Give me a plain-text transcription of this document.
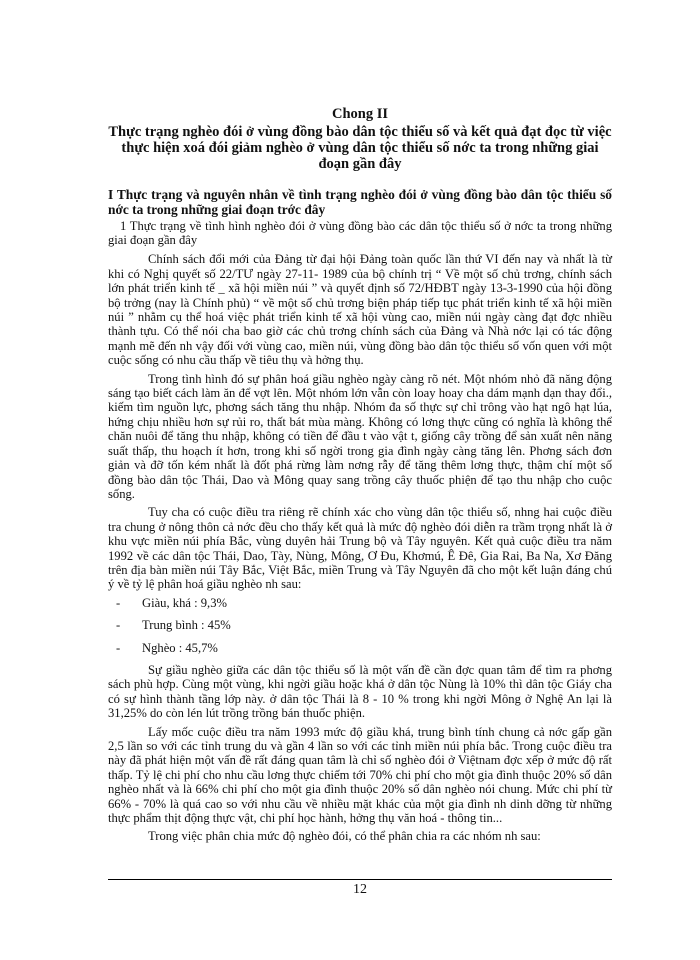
Chong II
Thực trạng nghèo đói ở vùng đồng bào dân tộc thiểu số và kết quả đạt đọc từ việc thực hiện xoá đói giảm nghèo ở vùng dân tộc thiểu số nớc ta trong những giai đoạn gần đây
I Thực trạng và nguyên nhân về tình trạng nghèo đói ở vùng đồng bào dân tộc thiểu số nớc ta trong những giai đoạn trớc đây

1 Thực trạng về tình hình nghèo đói ở vùng đồng bào các dân tộc thiểu số ở nớc ta trong những giai đoạn gần đây

Chính sách đổi mới của Đảng từ đại hội Đảng toàn quốc lần thứ VI đến nay và nhất là từ khi có Nghị quyết số 22/TƯ ngày 27-11- 1989 của bộ chính trị “ Về một số chủ trơng, chính sách lớn phát triển kinh tế _ xã hội miền núi ” và quyết định số 72/HĐBT ngày 13-3-1990 của hội đồng bộ trởng (nay là Chính phủ) “ về một số chủ trơng biện pháp tiếp tục phát triển kinh tế xã hội miền núi ” nhằm cụ thể hoá việc phát triển kinh tế xã hội vùng cao, miền núi ngày càng đạt đợc nhiều thành tựu. Có thể nói cha bao giờ các chủ trơng chính sách của Đảng và Nhà nớc lại có tác động mạnh mẽ đến nh vậy đối với vùng cao, miền núi, vùng đồng bào dân tộc thiểu số vốn quen với một cuộc sống có nhu cầu thấp về tiêu thụ và hởng thụ.

Trong tình hình đó sự phân hoá giầu nghèo ngày càng rõ nét. Một nhóm nhỏ đã năng động sáng tạo biết cách làm ăn để vợt lên. Một nhóm lớn vẫn còn loay hoay cha dám mạnh dạn thay đổi., kiếm tìm nguồn lực, phơng sách tăng thu nhập. Nhóm đa số thực sự chỉ trông vào hạt ngô hạt lúa, hứng chịu nhiều hơn sự rủi ro, thất bát mùa màng. Không có lơng thực cũng có nghĩa là không thể chăn nuôi để tăng thu nhập, không có tiền để đầu t vào vật t, giống cây trồng để sản xuất nên năng suất thấp, thu hoạch ít hơn, trong khi số ngời trong gia đình ngày càng tăng lên. Phơng sách đơn giản và đỡ tốn kém nhất là đốt phá rừng làm nơng rẫy để tăng thêm lơng thực, thậm chí một số đồng bào dân tộc Thái, Dao và Mông quay sang trồng cây thuốc phiện để tạo thu nhập cho cuộc sống.

Tuy cha có cuộc điều tra riêng rẽ chính xác cho vùng dân tộc thiểu số, nhng hai cuộc điều tra chung ở nông thôn cả nớc đều cho thấy kết quả là mức độ nghèo đói diễn ra trầm trọng nhất là ở khu vực miền núi phía Bắc, vùng duyên hải Trung bộ và Tây nguyên. Kết quả cuộc điều tra năm 1992 về các dân tộc Thái, Dao, Tày, Nùng, Mông, Ơ Đu, Khơmú, Ê Đê, Gia Rai, Ba Na, Xơ Đăng trên địa bàn miền núi Tây Bắc, Việt Bắc, miền Trung và Tây Nguyên đã cho một kết luận đáng chú ý về tỷ lệ phân hoá giầu nghèo nh sau:

-	Giàu, khá : 9,3%
-	Trung bình : 45%
-	Nghèo : 45,7%

Sự giầu nghèo giữa các dân tộc thiểu số là một vấn đề cần đợc quan tâm để tìm ra phơng sách phù hợp. Cùng một vùng, khi ngời giầu hoặc khá ở dân tộc Nùng là 10% thì dân tộc Giáy cha có sự hình thành tầng lớp này. ở dân tộc Thái là 8 - 10 % trong khi ngời Mông ở Nghệ An lại là 31,25% do còn lén lút trồng trồng bán thuốc phiện.

Lấy mốc cuộc điều tra năm 1993 mức độ giầu khá, trung bình tính chung cả nớc gấp gần 2,5 lần so với các tỉnh trung du và gần 4 lần so với các tỉnh miền núi phía bắc. Trong cuộc điều tra này đã phát hiện một vấn đề rất đáng quan tâm là chỉ số nghèo đói ở Việtnam đợc xếp ở mức độ rất thấp. Tỷ lệ chi phí cho nhu cầu lơng thực chiếm tới 70% chi phí cho một gia đình thuộc 20% số dân nghèo nhất và là 66% chi phí cho một gia đình thuộc 20% số dân nghèo nói chung. Mức chi phí từ 66% - 70% là quá cao so với nhu cầu về nhiều mặt khác của một gia đình nh dinh dỡng từ những thực phẩm thịt động thực vật, chi phí học hành, hởng thụ văn hoá - thông tin...

Trong việc phân chia mức độ nghèo đói, có thể phân chia ra các nhóm nh sau:

12
